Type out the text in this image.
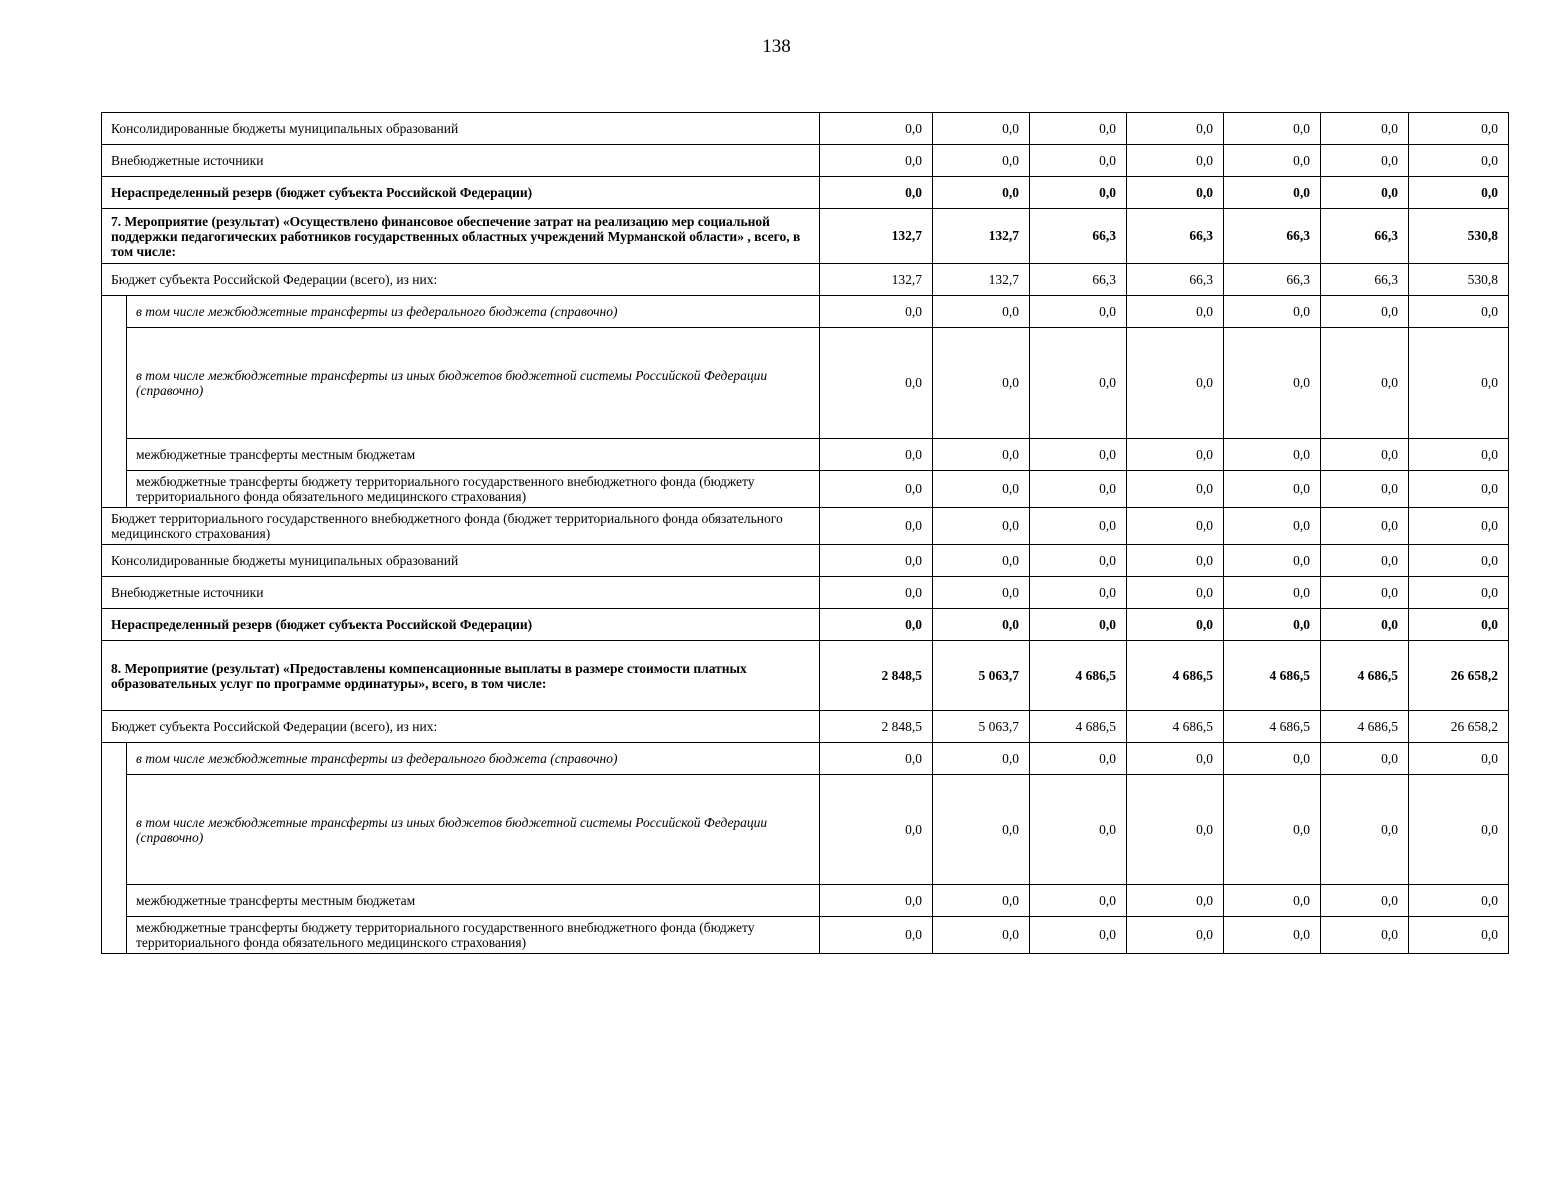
138
Консолидированные бюджеты муниципальных образований		0,0	0,0	0,0	0,0	0,0	0,0	0,0
Внебюджетные источники		0,0	0,0	0,0	0,0	0,0	0,0	0,0
Нераспределенный резерв (бюджет субъекта Российской Федерации)		0,0	0,0	0,0	0,0	0,0	0,0	0,0
7. Мероприятие (результат) «Осуществлено финансовое обеспечение затрат на реализацию мер социальной поддержки педагогических работников государственных областных учреждений Мурманской области» , всего, в том числе:		132,7	132,7	66,3	66,3	66,3	66,3	530,8
Бюджет субъекта Российской Федерации (всего), из них:		132,7	132,7	66,3	66,3	66,3	66,3	530,8
	в том числе межбюджетные трансферты из федерального бюджета (справочно)	0,0	0,0	0,0	0,0	0,0	0,0	0,0
	в том числе межбюджетные трансферты из иных бюджетов бюджетной системы Российской Федерации (справочно)	0,0	0,0	0,0	0,0	0,0	0,0	0,0
	межбюджетные трансферты местным бюджетам	0,0	0,0	0,0	0,0	0,0	0,0	0,0
	межбюджетные трансферты бюджету территориального государственного внебюджетного фонда (бюджету территориального фонда обязательного медицинского страхования)	0,0	0,0	0,0	0,0	0,0	0,0	0,0
Бюджет территориального государственного внебюджетного фонда (бюджет территориального фонда обязательного медицинского страхования)		0,0	0,0	0,0	0,0	0,0	0,0	0,0
Консолидированные бюджеты муниципальных образований		0,0	0,0	0,0	0,0	0,0	0,0	0,0
Внебюджетные источники		0,0	0,0	0,0	0,0	0,0	0,0	0,0
Нераспределенный резерв (бюджет субъекта Российской Федерации)		0,0	0,0	0,0	0,0	0,0	0,0	0,0
8. Мероприятие (результат) «Предоставлены компенсационные выплаты в размере стоимости платных образовательных услуг по программе ординатуры», всего, в том числе:		2 848,5	5 063,7	4 686,5	4 686,5	4 686,5	4 686,5	26 658,2
Бюджет субъекта Российской Федерации (всего), из них:		2 848,5	5 063,7	4 686,5	4 686,5	4 686,5	4 686,5	26 658,2
	в том числе межбюджетные трансферты из федерального бюджета (справочно)	0,0	0,0	0,0	0,0	0,0	0,0	0,0
	в том числе межбюджетные трансферты из иных бюджетов бюджетной системы Российской Федерации (справочно)	0,0	0,0	0,0	0,0	0,0	0,0	0,0
	межбюджетные трансферты местным бюджетам	0,0	0,0	0,0	0,0	0,0	0,0	0,0
	межбюджетные трансферты бюджету территориального государственного внебюджетного фонда (бюджету территориального фонда обязательного медицинского страхования)	0,0	0,0	0,0	0,0	0,0	0,0	0,0
